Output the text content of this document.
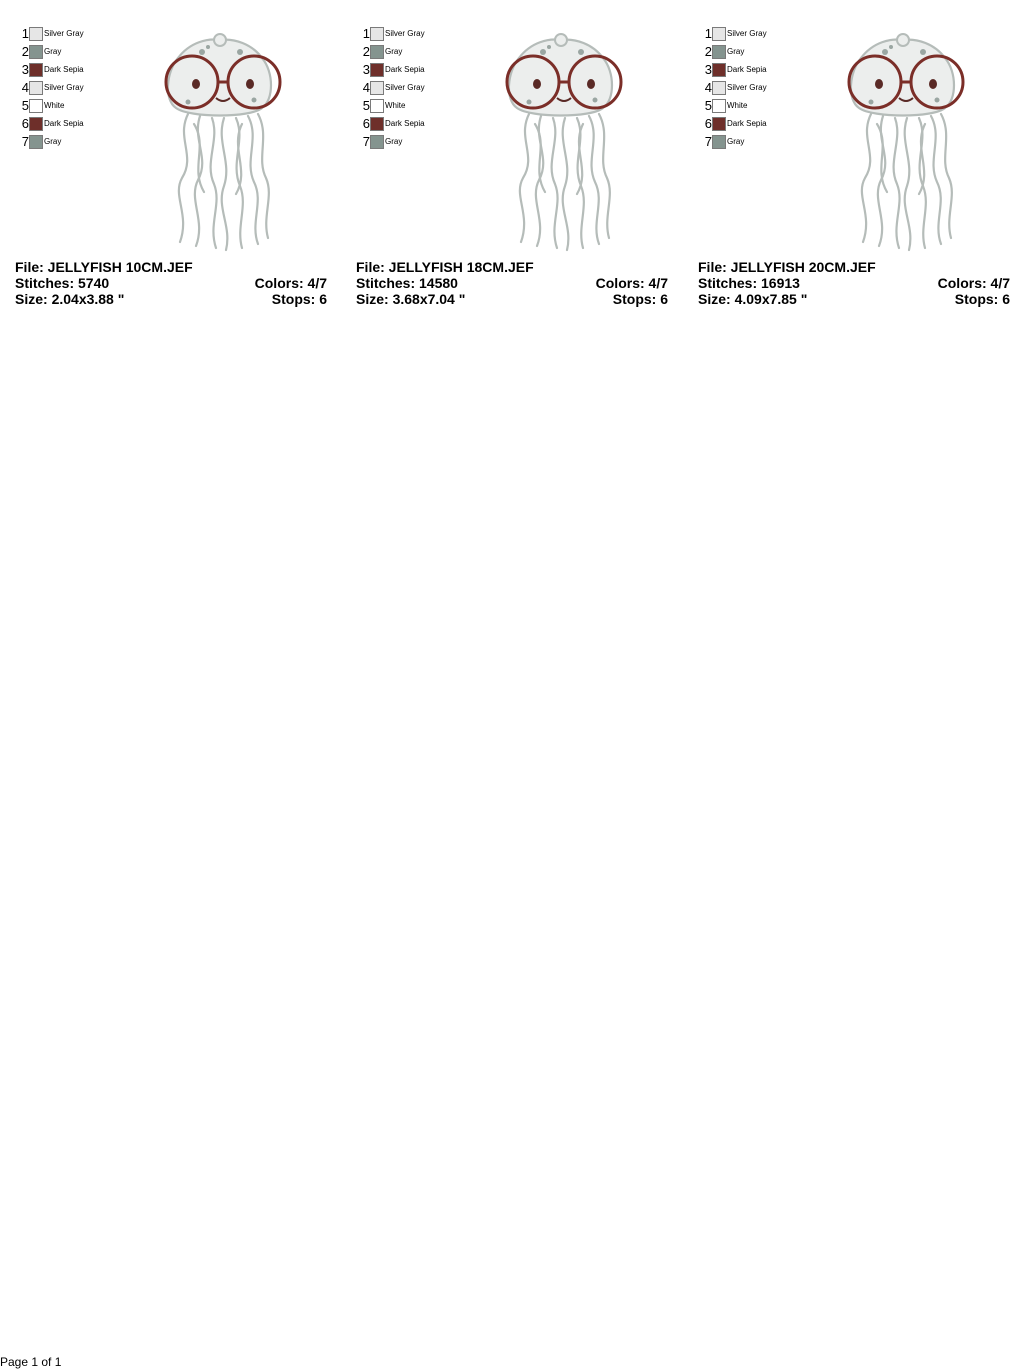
1 Silver Gray
2 Gray
3 Dark Sepia
4 Silver Gray
5 White
6 Dark Sepia
7 Gray
File: JELLYFISH 10CM.JEF
Stitches: 5740	Colors: 4/7
Size: 2.04x3.88 "	Stops: 6
1 Silver Gray
2 Gray
3 Dark Sepia
4 Silver Gray
5 White
6 Dark Sepia
7 Gray
File: JELLYFISH 18CM.JEF
Stitches: 14580	Colors: 4/7
Size: 3.68x7.04 "	Stops: 6
1 Silver Gray
2 Gray
3 Dark Sepia
4 Silver Gray
5 White
6 Dark Sepia
7 Gray
File: JELLYFISH 20CM.JEF
Stitches: 16913	Colors: 4/7
Size: 4.09x7.85 "	Stops: 6
Page 1 of 1
